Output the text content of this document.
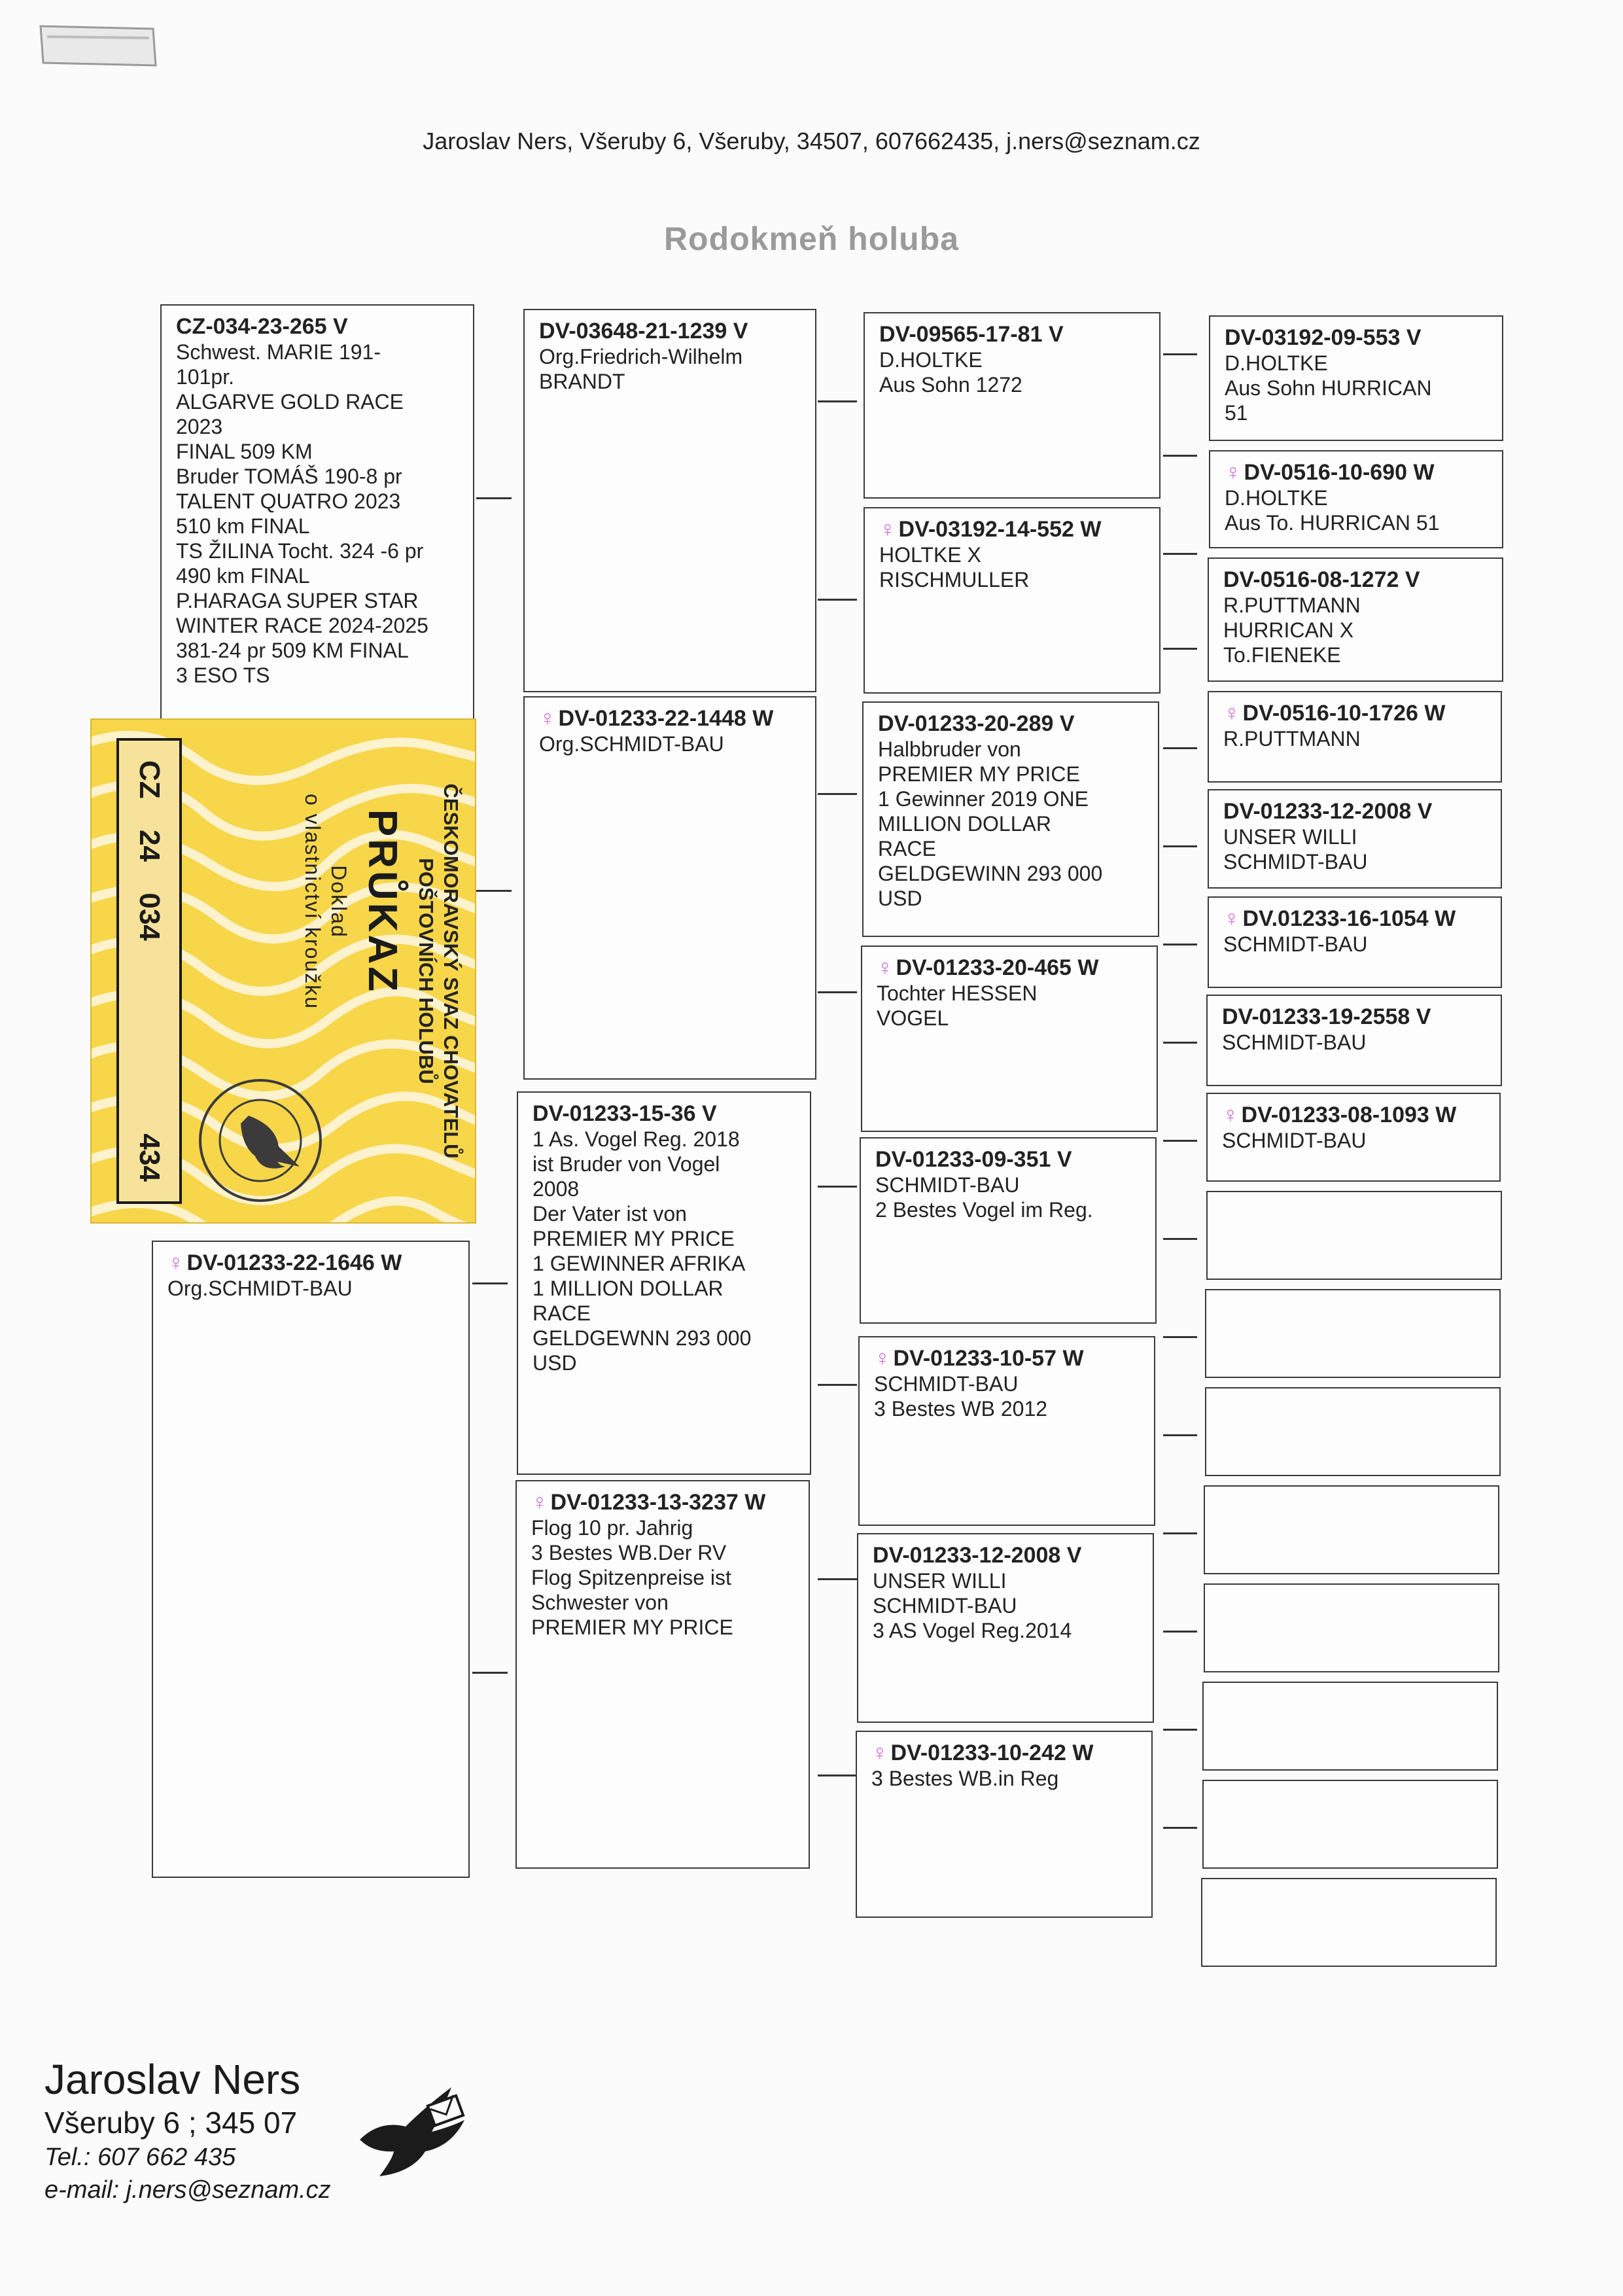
Jaroslav Ners, Všeruby 6, Všeruby, 34507, 607662435, j.ners@seznam.cz
Rodokmeň holuba
CZ-034-23-265 V
Schwest. MARIE 191-
101pr.
ALGARVE GOLD RACE
2023
FINAL 509 KM
Bruder TOMÁŠ 190-8 pr
TALENT QUATRO 2023
510 km FINAL
TS ŽILINA Tocht. 324 -6 pr
490 km FINAL
P.HARAGA SUPER STAR
WINTER RACE 2024-2025
381-24 pr 509 KM FINAL
3 ESO TS
♀ DV-01233-22-1646 W
Org.SCHMIDT-BAU
DV-03648-21-1239 V
Org.Friedrich-Wilhelm
BRANDT
♀ DV-01233-22-1448 W
Org.SCHMIDT-BAU
DV-01233-15-36 V
1 As. Vogel Reg. 2018
ist Bruder von Vogel
2008
Der Vater ist von
PREMIER MY PRICE
1 GEWINNER AFRIKA
1 MILLION DOLLAR
RACE
GELDGEWNN 293 000
USD
♀ DV-01233-13-3237 W
Flog 10 pr. Jahrig
3 Bestes WB.Der RV
Flog Spitzenpreise ist
Schwester von
PREMIER MY PRICE
DV-09565-17-81 V
D.HOLTKE
Aus Sohn 1272
♀ DV-03192-14-552 W
HOLTKE X
RISCHMULLER
DV-01233-20-289 V
Halbbruder von
PREMIER MY PRICE
1 Gewinner 2019 ONE
MILLION DOLLAR
RACE
GELDGEWINN 293 000
USD
♀ DV-01233-20-465 W
Tochter HESSEN
VOGEL
DV-01233-09-351 V
SCHMIDT-BAU
2 Bestes Vogel im Reg.
♀ DV-01233-10-57 W
SCHMIDT-BAU
3 Bestes WB 2012
DV-01233-12-2008 V
UNSER WILLI
SCHMIDT-BAU
3 AS Vogel Reg.2014
♀ DV-01233-10-242 W
3 Bestes WB.in Reg
DV-03192-09-553 V
D.HOLTKE
Aus Sohn HURRICAN
51
♀ DV-0516-10-690 W
D.HOLTKE
Aus To. HURRICAN 51
DV-0516-08-1272 V
R.PUTTMANN
HURRICAN X
To.FIENEKE
♀ DV-0516-10-1726 W
R.PUTTMANN
DV-01233-12-2008 V
UNSER WILLI
SCHMIDT-BAU
♀ DV.01233-16-1054 W
SCHMIDT-BAU
DV-01233-19-2558 V
SCHMIDT-BAU
♀ DV-01233-08-1093 W
SCHMIDT-BAU
ČESKOMORAVSKÝ SVAZ CHOVATELŮ
POŠTOVNÍCH HOLUBŮ
PRŮKAZ
Doklad
o vlastnictví kroužku
CZ
24
034
434
Jaroslav Ners
Všeruby 6 ; 345 07
Tel.: 607 662 435
e-mail: j.ners@seznam.cz
